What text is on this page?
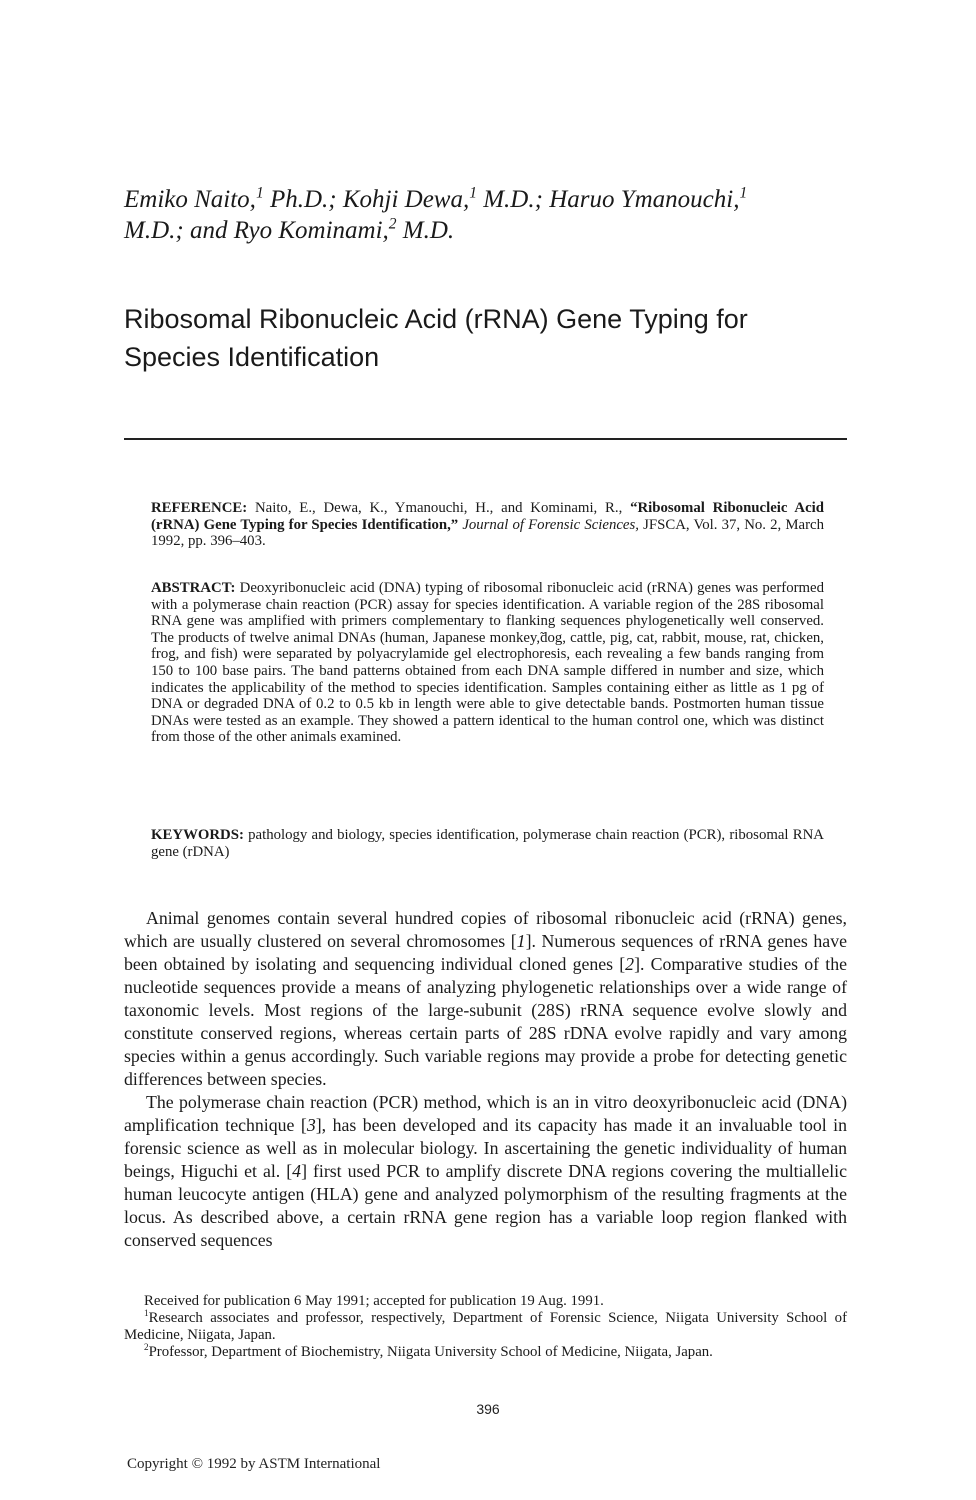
Emiko Naito,$^1$ Ph.D.; Kohji Dewa,$^1$ M.D.; Haruo Ymanouchi,$^1$
M.D.; and Ryo Kominami,$^2$ M.D.
Ribosomal Ribonucleic Acid (rRNA) Gene Typing for
Species Identification
REFERENCE: Naito, E., Dewa, K., Ymanouchi, H., and Kominami, R., “Ribosomal Ribonucleic Acid (rRNA) Gene Typing for Species Identification,” Journal of Forensic Sciences, JFSCA, Vol. 37, No. 2, March 1992, pp. 396–403.
ABSTRACT: Deoxyribonucleic acid (DNA) typing of ribosomal ribonucleic acid (rRNA) genes was performed with a polymerase chain reaction (PCR) assay for species identification. A variable region of the 28S ribosomal RNA gene was amplified with primers complementary to flanking sequences phylogenetically well conserved. The products of twelve animal DNAs (human, Japanese monkey,̃dog, cattle, pig, cat, rabbit, mouse, rat, chicken, frog, and fish) were separated by polyacrylamide gel electrophoresis, each revealing a few bands ranging from 150 to 100 base pairs. The band patterns obtained from each DNA sample differed in number and size, which indicates the applicability of the method to species identification. Samples containing either as little as 1 pg of DNA or degraded DNA of 0.2 to 0.5 kb in length were able to give detectable bands. Postmorten human tissue DNAs were tested as an example. They showed a pattern identical to the human control one, which was distinct from those of the other animals examined.
KEYWORDS: pathology and biology, species identification, polymerase chain reaction (PCR), ribosomal RNA gene (rDNA)

Animal genomes contain several hundred copies of ribosomal ribonucleic acid (rRNA) genes, which are usually clustered on several chromosomes [1]. Numerous sequences of rRNA genes have been obtained by isolating and sequencing individual cloned genes [2]. Comparative studies of the nucleotide sequences provide a means of analyzing phylogenetic relationships over a wide range of taxonomic levels. Most regions of the large-subunit (28S) rRNA sequence evolve slowly and constitute conserved regions, whereas certain parts of 28S rDNA evolve rapidly and vary among species within a genus accordingly. Such variable regions may provide a probe for detecting genetic differences between species.

The polymerase chain reaction (PCR) method, which is an in vitro deoxyribonucleic acid (DNA) amplification technique [3], has been developed and its capacity has made it an invaluable tool in forensic science as well as in molecular biology. In ascertaining the genetic individuality of human beings, Higuchi et al. [4] first used PCR to amplify discrete DNA regions covering the multiallelic human leucocyte antigen (HLA) gene and analyzed polymorphism of the resulting fragments at the locus. As described above, a certain rRNA gene region has a variable loop region flanked with conserved sequences

Received for publication 6 May 1991; accepted for publication 19 Aug. 1991.

$^1$Research associates and professor, respectively, Department of Forensic Science, Niigata University School of Medicine, Niigata, Japan.

$^2$Professor, Department of Biochemistry, Niigata University School of Medicine, Niigata, Japan.

396
Copyright © 1992 by ASTM International
